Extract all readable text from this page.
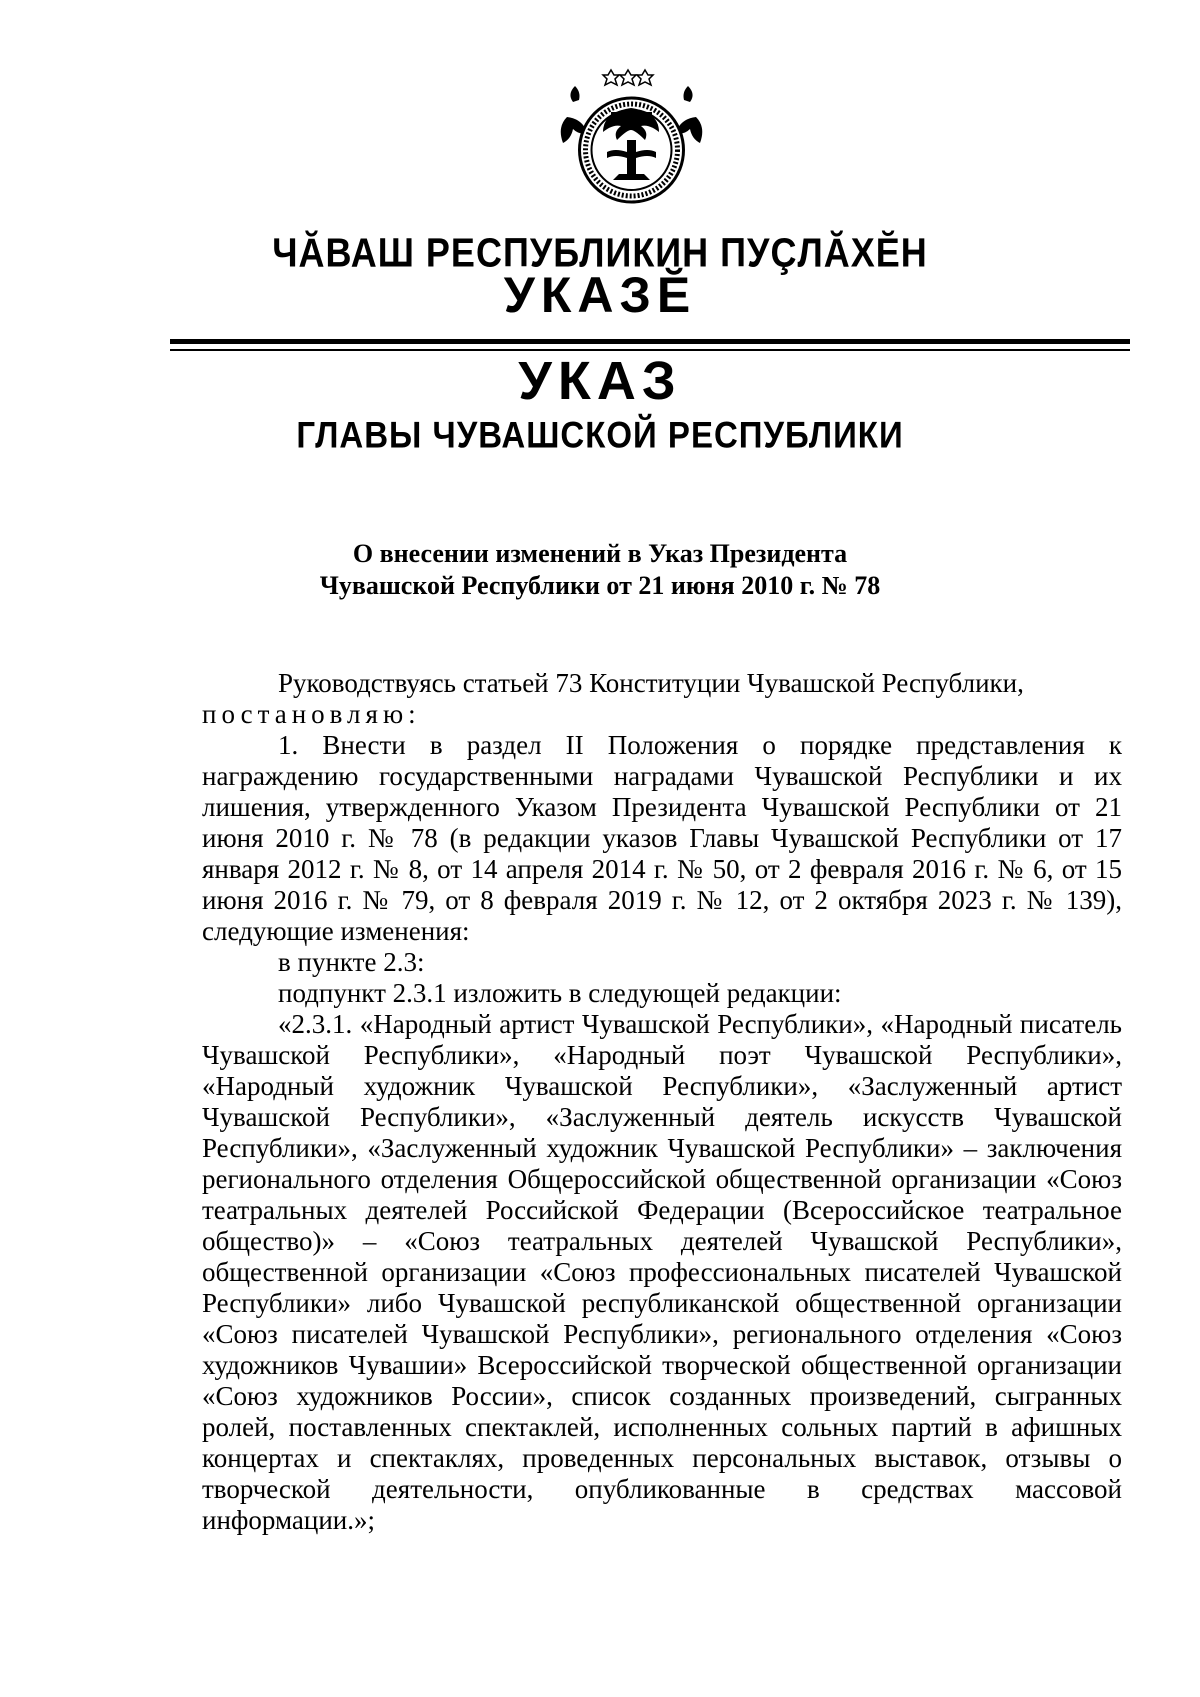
ЧĂВАШ РЕСПУБЛИКИН ПУÇЛĂХĔН
УКАЗĔ
УКАЗ
ГЛАВЫ ЧУВАШСКОЙ РЕСПУБЛИКИ
О внесении изменений в Указ Президента
Чувашской Республики от 21 июня 2010 г. № 78

Руководствуясь статьей 73 Конституции Чувашской Республики,

постановляю:

1. Внести в раздел II Положения о порядке представления к награждению государственными наградами Чувашской Республики и их лишения, утвержденного Указом Президента Чувашской Республики от 21 июня 2010 г. № 78 (в редакции указов Главы Чувашской Республики от 17 января 2012 г. № 8, от 14 апреля 2014 г. № 50, от 2 февраля 2016 г. № 6, от 15 июня 2016 г. № 79, от 8 февраля 2019 г. № 12, от 2 октября 2023 г. № 139), следующие изменения:

в пункте 2.3:

подпункт 2.3.1 изложить в следующей редакции:

«2.3.1. «Народный артист Чувашской Республики», «Народный писатель Чувашской Республики», «Народный поэт Чувашской Республики», «Народный художник Чувашской Республики», «Заслуженный артист Чувашской Республики», «Заслуженный деятель искусств Чувашской Республики», «Заслуженный художник Чувашской Республики» – заключения регионального отделения Общероссийской общественной организации «Союз театральных деятелей Российской Федерации (Всероссийское театральное общество)» – «Союз театральных деятелей Чувашской Республики», общественной организации «Союз профессиональных писателей Чувашской Республики» либо Чувашской республиканской общественной организации «Союз писателей Чувашской Республики», регионального отделения «Союз художников Чувашии» Всероссийской творческой общественной организации «Союз художников России», список созданных произведений, сыгранных ролей, поставленных спектаклей, исполненных сольных партий в афишных концертах и спектаклях, проведенных персональных выставок, отзывы о творческой деятельности, опубликованные в средствах массовой информации.»;
